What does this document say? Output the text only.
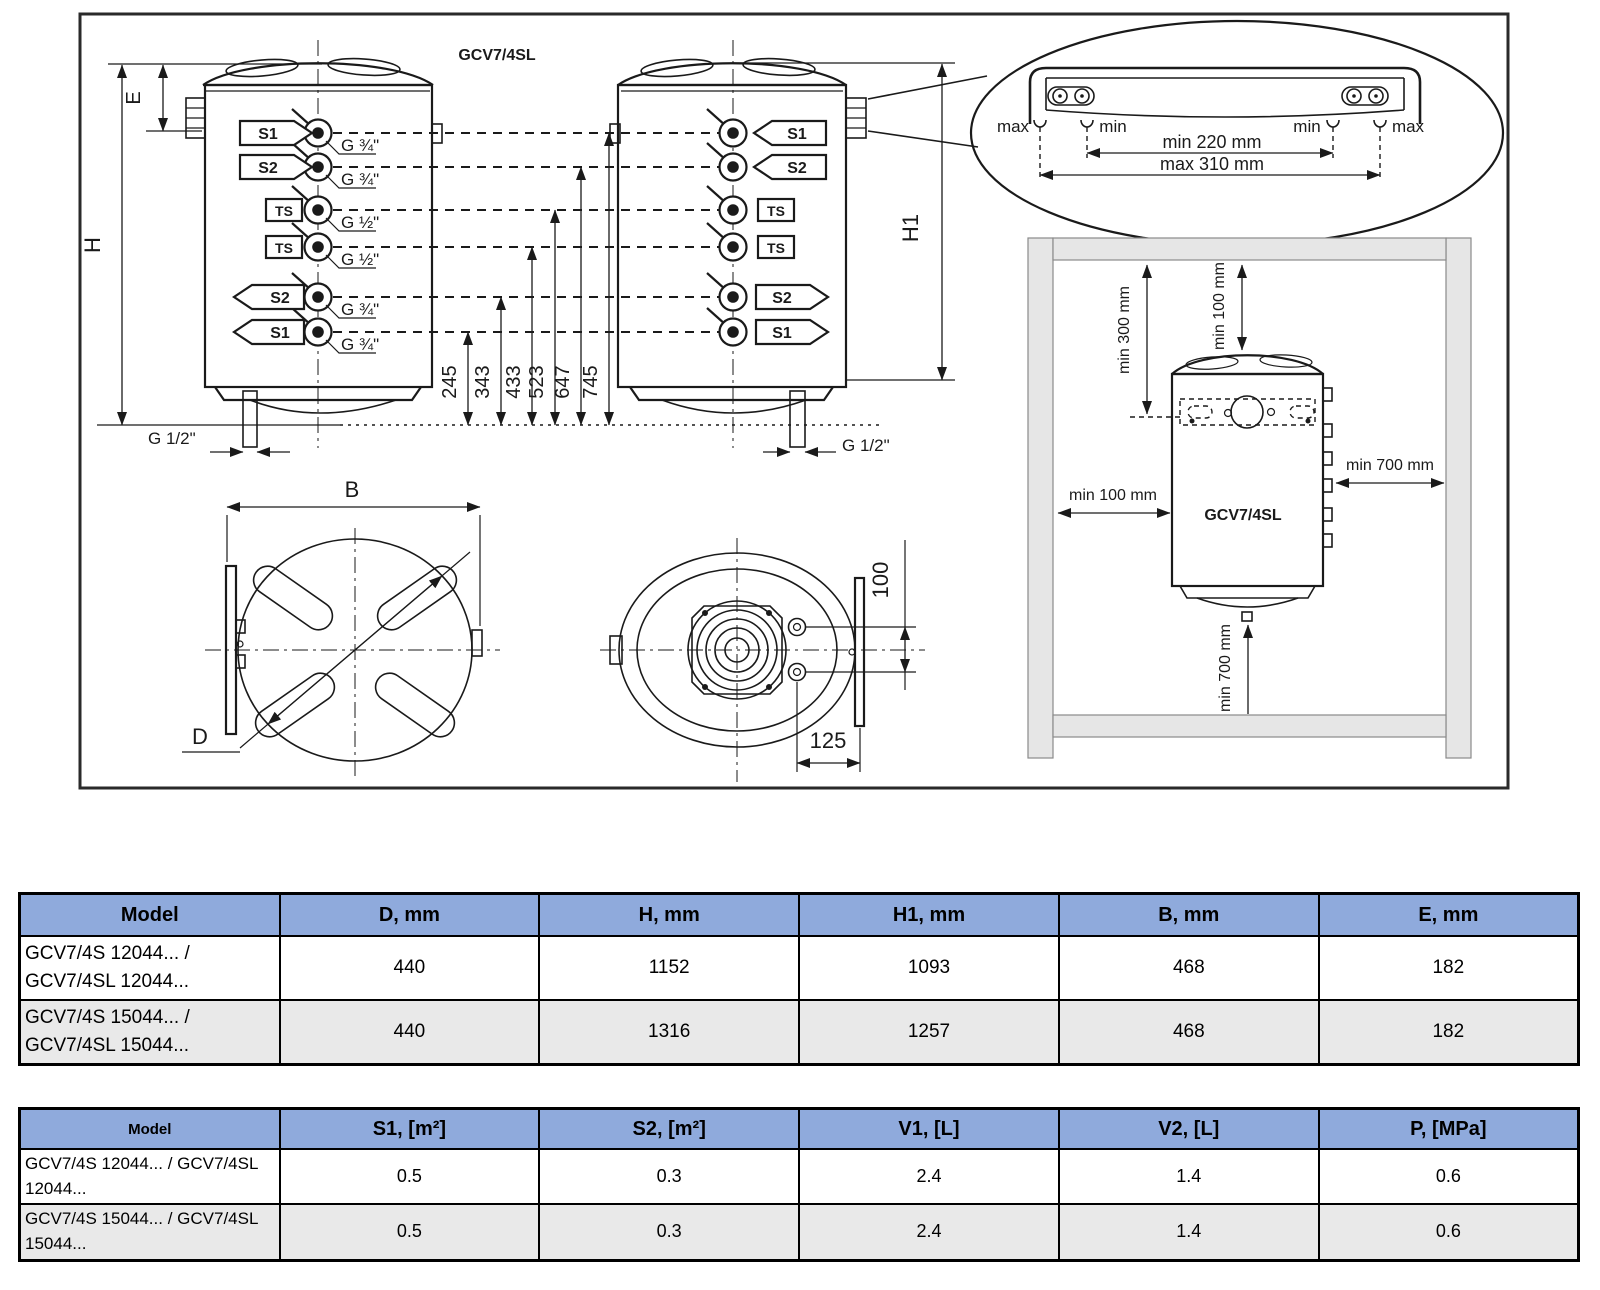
GCV7/4SL
G ¾"
G ¾"
G ½"
G ½"
G ¾"
G ¾"
S1
S2
TS
TS
S2
S1
H
E
G 1/2"
245 343 433 523 647 745
S1
S2
TS
TS
S2
S1
H1
G 1/2"
B
D
100
125
max	min	min	max
min 220 mm
max 310 mm
GCV7/4SL
min 300 mm	min 100 mm
min 100 mm
min 700 mm
min 700 mm
Model	D, mm	H, mm	H1, mm	B, mm	E, mm
GCV7/4S 12044... /
GCV7/4SL 12044...	440	1152	1093	468	182
GCV7/4S 15044... /
GCV7/4SL 15044...	440	1316	1257	468	182
Model	S1, [m²]	S2, [m²]	V1, [L]	V2, [L]	P, [MPa]
GCV7/4S 12044... / GCV7/4SL
12044...	0.5	0.3	2.4	1.4	0.6
GCV7/4S 15044... / GCV7/4SL
15044...	0.5	0.3	2.4	1.4	0.6
